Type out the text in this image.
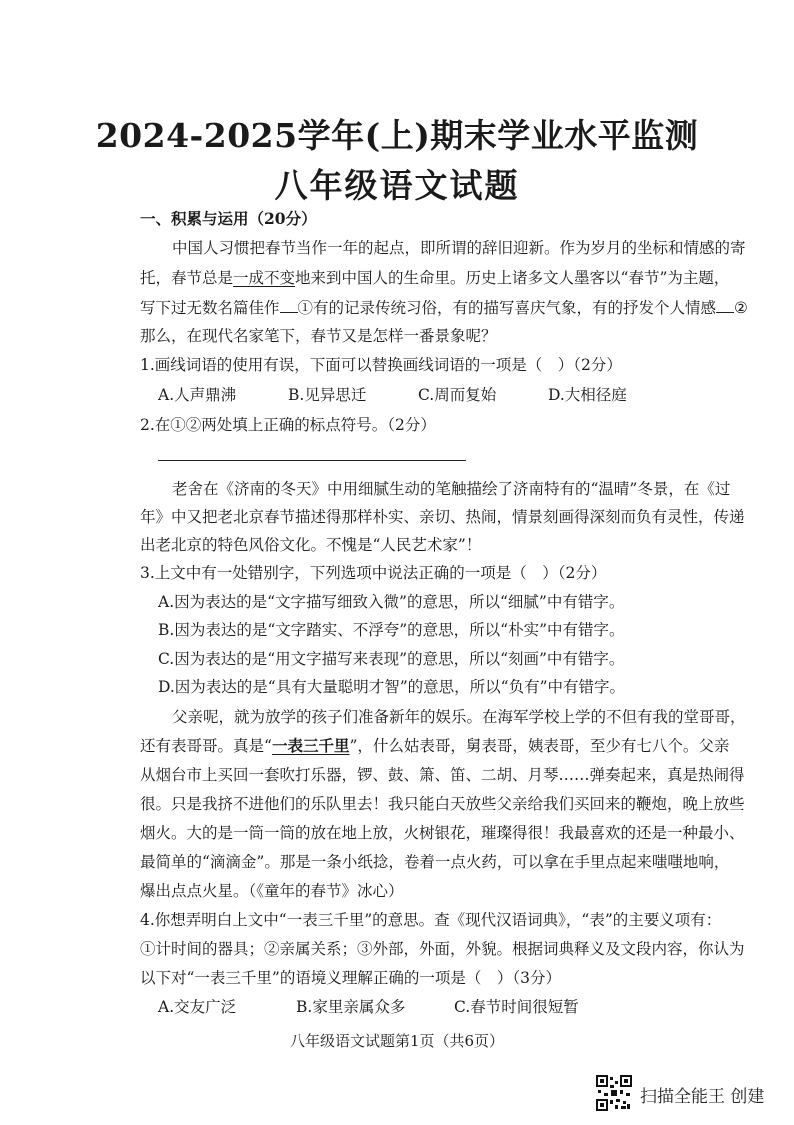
2024-2025学年(上)期末学业水平监测
八年级语文试题
一、积累与运用（20分）
中国人习惯把春节当作一年的起点，即所谓的辞旧迎新。作为岁月的坐标和情感的寄
托，春节总是一成不变地来到中国人的生命里。历史上诸多文人墨客以“春节”为主题，
写下过无数名篇佳作 ①有的记录传统习俗，有的描写喜庆气象，有的抒发个人情感 ②
那么，在现代名家笔下，春节又是怎样一番景象呢？
1.画线词语的使用有误，下面可以替换画线词语的一项是（　）（2分）
A.人声鼎沸	B.见异思迁	C.周而复始	D.大相径庭
2.在①②两处填上正确的标点符号。（2分）
老舍在《济南的冬天》中用细腻生动的笔触描绘了济南特有的“温晴”冬景，在《过
年》中又把老北京春节描述得那样朴实、亲切、热闹，情景刻画得深刻而负有灵性，传递
出老北京的特色风俗文化。不愧是“人民艺术家”！
3.上文中有一处错别字，下列选项中说法正确的一项是（　）（2分）
A.因为表达的是“文字描写细致入微”的意思，所以“细腻”中有错字。
B.因为表达的是“文字踏实、不浮夸”的意思，所以“朴实”中有错字。
C.因为表达的是“用文字描写来表现”的意思，所以“刻画”中有错字。
D.因为表达的是“具有大量聪明才智”的意思，所以“负有”中有错字。
父亲呢，就为放学的孩子们准备新年的娱乐。在海军学校上学的不但有我的堂哥哥，
还有表哥哥。真是“一表三千里”，什么姑表哥，舅表哥，姨表哥，至少有七八个。父亲
从烟台市上买回一套吹打乐器，锣、鼓、箫、笛、二胡、月琴……弹奏起来，真是热闹得
很。只是我挤不进他们的乐队里去！我只能白天放些父亲给我们买回来的鞭炮，晚上放些
烟火。大的是一筒一筒的放在地上放，火树银花，璀璨得很！我最喜欢的还是一种最小、
最简单的“滴滴金”。那是一条小纸捻，卷着一点火药，可以拿在手里点起来嗤嗤地响，
爆出点点火星。（《童年的春节》冰心）
4.你想弄明白上文中“一表三千里”的意思。查《现代汉语词典》，“表”的主要义项有：
①计时间的器具；②亲属关系；③外部，外面，外貌。根据词典释义及文段内容，你认为
以下对“一表三千里”的语境义理解正确的一项是（　）（3分）
A.交友广泛	B.家里亲属众多	C.春节时间很短暂
八年级语文试题第1页（共6页）
扫描全能王 创建
